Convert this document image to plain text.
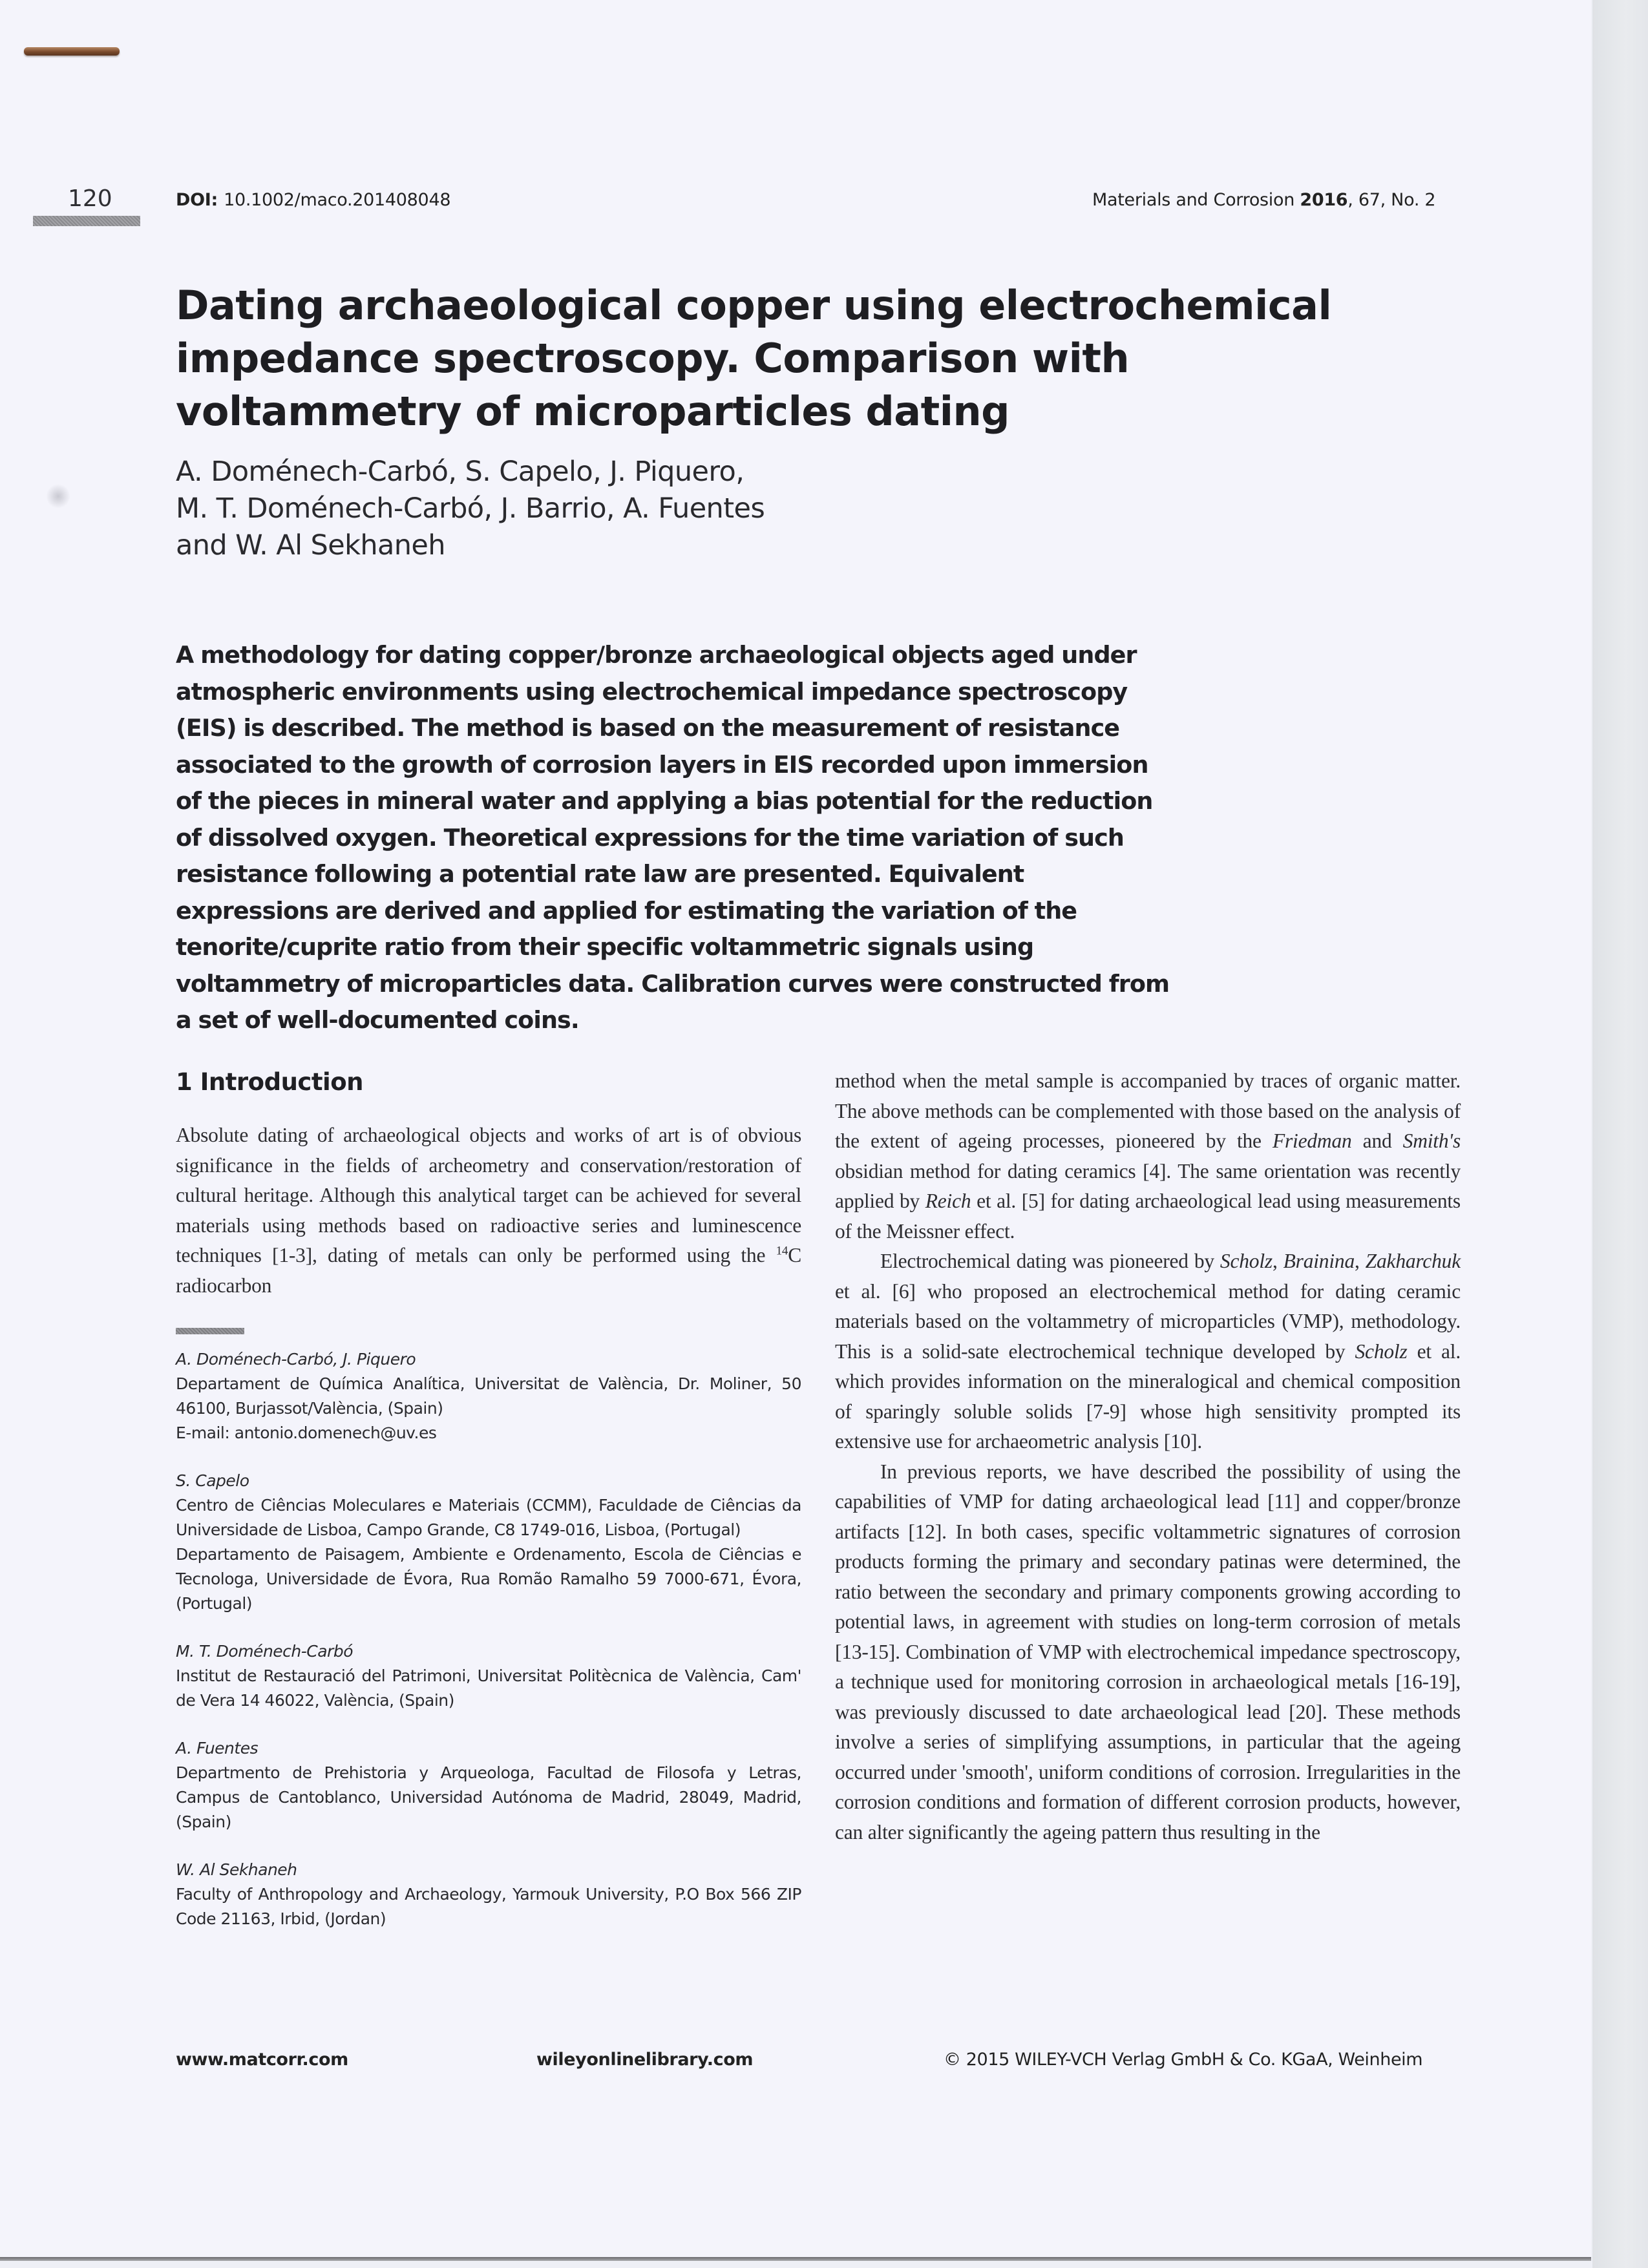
120	DOI: 10.1002/maco.201408048	Materials and Corrosion 2016, 67, No. 2
Dating archaeological copper using electrochemical impedance spectroscopy. Comparison with voltammetry of microparticles dating
A. Doménech-Carbó, S. Capelo, J. Piquero,
M. T. Doménech-Carbó, J. Barrio, A. Fuentes
and W. Al Sekhaneh

A methodology for dating copper/bronze archaeological objects aged under atmospheric environments using electrochemical impedance spectroscopy (EIS) is described. The method is based on the measurement of resistance associated to the growth of corrosion layers in EIS recorded upon immersion of the pieces in mineral water and applying a bias potential for the reduction of dissolved oxygen. Theoretical expressions for the time variation of such resistance following a potential rate law are presented. Equivalent expressions are derived and applied for estimating the variation of the tenorite/cuprite ratio from their specific voltammetric signals using voltammetry of microparticles data. Calibration curves were constructed from a set of well-documented coins.

1 Introduction

Absolute dating of archaeological objects and works of art is of obvious significance in the fields of archeometry and conservation/restoration of cultural heritage. Although this analytical target can be achieved for several materials using methods based on radioactive series and luminescence techniques [1-3], dating of metals can only be performed using the $^{14}$C radiocarbon

A. Doménech-Carbó, J. Piquero
Departament de Química Analítica, Universitat de València, Dr. Moliner, 50 46100, Burjassot/València, (Spain)
E-mail: antonio.domenech@uv.es
S. Capelo
Centro de Ciências Moleculares e Materiais (CCMM), Faculdade de Ciências da Universidade de Lisboa, Campo Grande, C8 1749-016, Lisboa, (Portugal)
Departamento de Paisagem, Ambiente e Ordenamento, Escola de Ciências e Tecnologa, Universidade de Évora, Rua Romão Ramalho 59 7000-671, Évora, (Portugal)
M. T. Doménech-Carbó
Institut de Restauració del Patrimoni, Universitat Politècnica de València, Cam' de Vera 14 46022, València, (Spain)
A. Fuentes
Departmento de Prehistoria y Arqueologa, Facultad de Filosofa y Letras, Campus de Cantoblanco, Universidad Autónoma de Madrid, 28049, Madrid, (Spain)
W. Al Sekhaneh
Faculty of Anthropology and Archaeology, Yarmouk University, P.O Box 566 ZIP Code 21163, Irbid, (Jordan)

method when the metal sample is accompanied by traces of organic matter. The above methods can be complemented with those based on the analysis of the extent of ageing processes, pioneered by the Friedman and Smith's obsidian method for dating ceramics [4]. The same orientation was recently applied by Reich et al. [5] for dating archaeological lead using measurements of the Meissner effect.

Electrochemical dating was pioneered by Scholz, Brainina, Zakharchuk et al. [6] who proposed an electrochemical method for dating ceramic materials based on the voltammetry of microparticles (VMP), methodology. This is a solid-sate electrochemical technique developed by Scholz et al. which provides information on the mineralogical and chemical composition of sparingly soluble solids [7-9] whose high sensitivity prompted its extensive use for archaeometric analysis [10].

In previous reports, we have described the possibility of using the capabilities of VMP for dating archaeological lead [11] and copper/bronze artifacts [12]. In both cases, specific voltammetric signatures of corrosion products forming the primary and secondary patinas were determined, the ratio between the secondary and primary components growing according to potential laws, in agreement with studies on long-term corrosion of metals [13-15]. Combination of VMP with electrochemical impedance spectroscopy, a technique used for monitoring corrosion in archaeological metals [16-19], was previously discussed to date archaeological lead [20]. These methods involve a series of simplifying assumptions, in particular that the ageing occurred under 'smooth', uniform conditions of corrosion. Irregularities in the corrosion conditions and formation of different corrosion products, however, can alter significantly the ageing pattern thus resulting in the

www.matcorr.com	wileyonlinelibrary.com	© 2015 WILEY-VCH Verlag GmbH & Co. KGaA, Weinheim
